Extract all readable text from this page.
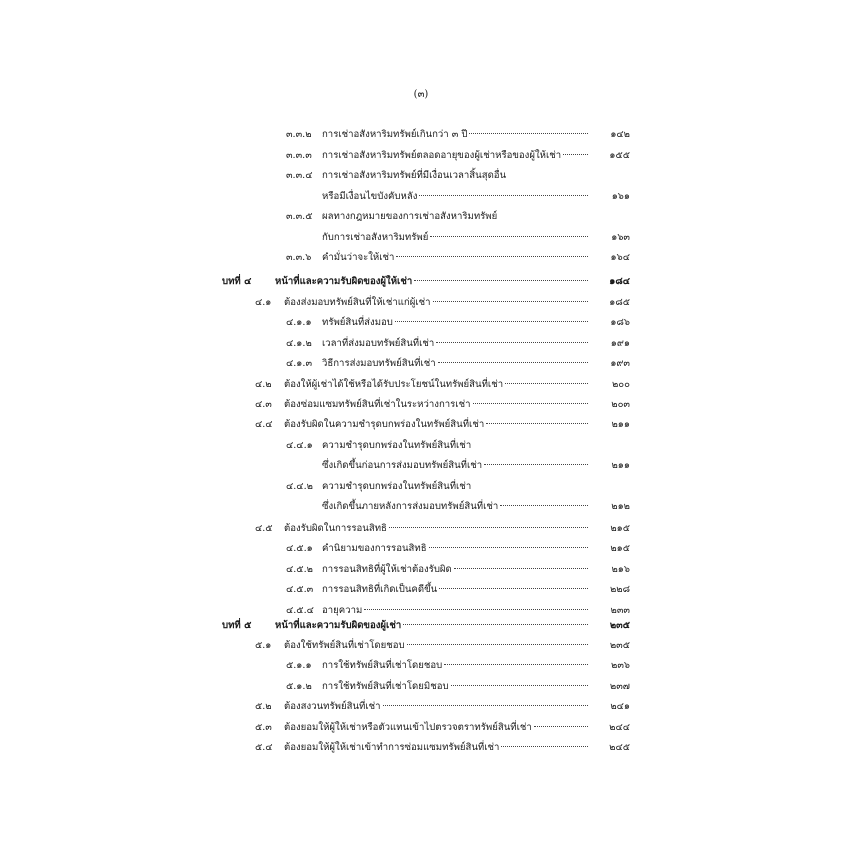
(๓)
๓.๓.๒ การเช่าอสังหาริมทรัพย์เกินกว่า ๓ ปี	๑๔๒
๓.๓.๓ การเช่าอสังหาริมทรัพย์ตลอดอายุของผู้เช่าหรือของผู้ให้เช่า	๑๕๕
๓.๓.๔ การเช่าอสังหาริมทรัพย์ที่มีเงื่อนเวลาสิ้นสุดอื่น
หรือมีเงื่อนไขบังคับหลัง	๑๖๑
๓.๓.๕ ผลทางกฎหมายของการเช่าอสังหาริมทรัพย์
กับการเช่าอสังหาริมทรัพย์	๑๖๓
๓.๓.๖ คำมั่นว่าจะให้เช่า	๑๖๔
บทที่ ๔ หน้าที่และความรับผิดของผู้ให้เช่า	๑๘๔
๔.๑ ต้องส่งมอบทรัพย์สินที่ให้เช่าแก่ผู้เช่า	๑๘๕
๔.๑.๑ ทรัพย์สินที่ส่งมอบ	๑๘๖
๔.๑.๒ เวลาที่ส่งมอบทรัพย์สินที่เช่า	๑๙๑
๔.๑.๓ วิธีการส่งมอบทรัพย์สินที่เช่า	๑๙๓
๔.๒ ต้องให้ผู้เช่าได้ใช้หรือได้รับประโยชน์ในทรัพย์สินที่เช่า	๒๐๐
๔.๓ ต้องซ่อมแซมทรัพย์สินที่เช่าในระหว่างการเช่า	๒๐๓
๔.๔ ต้องรับผิดในความชำรุดบกพร่องในทรัพย์สินที่เช่า	๒๑๑
๔.๔.๑ ความชำรุดบกพร่องในทรัพย์สินที่เช่า
ซึ่งเกิดขึ้นก่อนการส่งมอบทรัพย์สินที่เช่า	๒๑๑
๔.๔.๒ ความชำรุดบกพร่องในทรัพย์สินที่เช่า
ซึ่งเกิดขึ้นภายหลังการส่งมอบทรัพย์สินที่เช่า	๒๑๒
๔.๕ ต้องรับผิดในการรอนสิทธิ	๒๑๕
๔.๕.๑ คำนิยามของการรอนสิทธิ	๒๑๕
๔.๕.๒ การรอนสิทธิที่ผู้ให้เช่าต้องรับผิด	๒๑๖
๔.๕.๓ การรอนสิทธิที่เกิดเป็นคดีขึ้น	๒๒๘
๔.๕.๔ อายุความ	๒๓๓
บทที่ ๕ หน้าที่และความรับผิดของผู้เช่า	๒๓๕
๕.๑ ต้องใช้ทรัพย์สินที่เช่าโดยชอบ	๒๓๕
๕.๑.๑ การใช้ทรัพย์สินที่เช่าโดยชอบ	๒๓๖
๕.๑.๒ การใช้ทรัพย์สินที่เช่าโดยมิชอบ	๒๓๗
๕.๒ ต้องสงวนทรัพย์สินที่เช่า	๒๔๑
๕.๓ ต้องยอมให้ผู้ให้เช่าหรือตัวแทนเข้าไปตรวจตราทรัพย์สินที่เช่า	๒๔๔
๕.๔ ต้องยอมให้ผู้ให้เช่าเข้าทำการซ่อมแซมทรัพย์สินที่เช่า	๒๔๕
